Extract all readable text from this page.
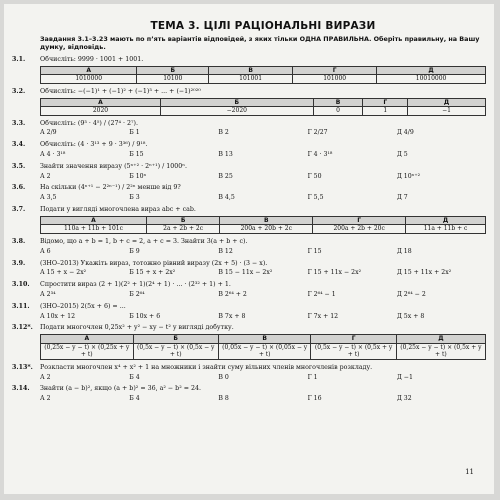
ТЕМА 3. ЦІЛІ РАЦІОНАЛЬНІ ВИРАЗИ
Завдання 3.1–3.23 мають по п’ять варіантів відповідей, з яких тільки ОДНА ПРАВИЛЬНА. Оберіть правильну, на Вашу думку, відповідь.
3.1. Обчисліть: 9999 · 1001 + 1001.
А	Б	В	Г	Д
1010000	10100	101001	101000	10010000
3.2. Обчисліть: −(−1)¹ + (−1)² + (−1)³ + ... + (−1)²⁰²⁰
А	Б	В	Г	Д
2020	−2020	0	1	−1
3.3. Обчисліть: (9³ · 4⁵) / (27⁴ · 2⁷).
А 2/9	Б 1	В 2	Г 2/27	Д 4/9
3.4. Обчисліть: (4 · 3¹³ + 9 · 3³⁶) / 9¹⁸.
А 4 · 3¹⁸	Б 15	В 13	Г 4 · 3¹⁸	Д 5
3.5. Знайти значення виразу (5ⁿ⁺² · 2ⁿ⁺¹) / 1000ⁿ.
А 2	Б 10ⁿ	В 25	Г 50	Д 10ⁿ⁺²
3.6. На скільки (4ⁿ⁺¹ − 2²ⁿ⁻¹) / 2²ⁿ менше від 9?
А 3,5	Б 3	В 4,5	Г 5,5	Д 7
3.7. Подати у вигляді многочлена вираз abc + cab.
А	Б	В	Г	Д
110a + 11b + 101c	2a + 2b + 2c	200a + 20b + 2c	200a + 2b + 20c	11a + 11b + c
3.8. Відомо, що a + b = 1, b + c = 2, a + c = 3. Знайти 3(a + b + c).
А 6	Б 9	В 12	Г 15	Д 18
3.9. (ЗНО–2013) Укажіть вираз, тотожно рівний виразу (2x + 5) · (3 − x).
А 15 + x − 2x²	Б 15 + x + 2x²	В 15 − 11x − 2x²	Г 15 + 11x − 2x²	Д 15 + 11x + 2x²
3.10. Спростити вираз (2 + 1)(2² + 1)(2⁴ + 1) · ... · (2³² + 1) + 1.
А 2³⁴	Б 2⁶⁴	В 2⁶⁴ + 2	Г 2⁶⁴ − 1	Д 2⁶⁴ − 2
3.11. (ЗНО–2015) 2(5x + 6) = ...
А 10x + 12	Б 10x + 6	В 7x + 8	Г 7x + 12	Д 5x + 8
3.12*. Подати многочлен 0,25x² + y² − xy − t² у вигляді добутку.
А	Б	В	Г	Д
(0,25x − y − t) × (0,25x + y + t)	(0,5x − y − t) × (0,5x − y + t)	(0,05x − y − t) × (0,05x − y + t)	(0,5x − y − t) × (0,5x + y + t)	(0,25x − y − t) × (0,5x + y + t)
3.13*. Розкласти многочлен x⁴ + x² + 1 на множники і знайти суму вільних членів многочленів розкладу.
А 2	Б 4	В 0	Г 1	Д −1
3.14. Знайти (a − b)², якщо (a + b)² = 36, a² − b² = 24.
А 2	Б 4	В 8	Г 16	Д 32
11
